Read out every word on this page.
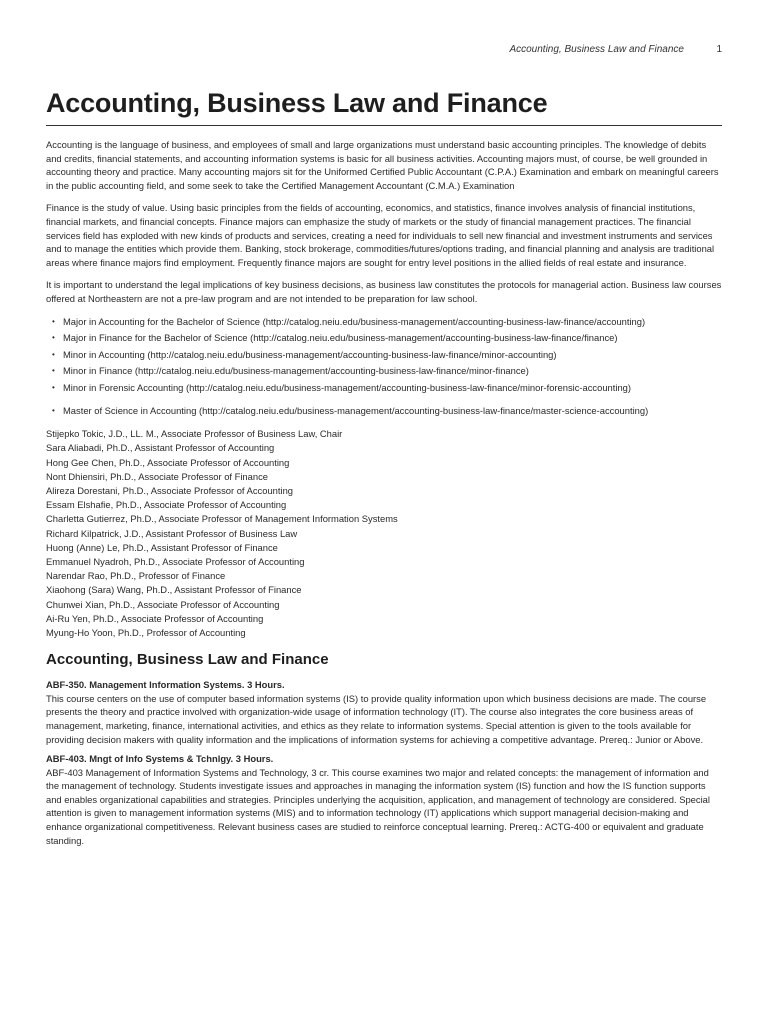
Accounting, Business Law and Finance	1
Accounting, Business Law and Finance

Accounting is the language of business, and employees of small and large organizations must understand basic accounting principles. The knowledge of debits and credits, financial statements, and accounting information systems is basic for all business activities. Accounting majors must, of course, be well grounded in accounting theory and practice. Many accounting majors sit for the Uniformed Certified Public Accountant (C.P.A.) Examination and embark on meaningful careers in the public accounting field, and some seek to take the Certified Management Accountant (C.M.A.) Examination

Finance is the study of value. Using basic principles from the fields of accounting, economics, and statistics, finance involves analysis of financial institutions, financial markets, and financial concepts. Finance majors can emphasize the study of markets or the study of financial management practices. The financial services field has exploded with new kinds of products and services, creating a need for individuals to sell new financial and investment instruments and services and to manage the entities which provide them. Banking, stock brokerage, commodities/futures/options trading, and financial planning and analysis are traditional areas where finance majors find employment. Frequently finance majors are sought for entry level positions in the allied fields of real estate and insurance.

It is important to understand the legal implications of key business decisions, as business law constitutes the protocols for managerial action. Business law courses offered at Northeastern are not a pre-law program and are not intended to be preparation for law school.

• Major in Accounting for the Bachelor of Science (http://catalog.neiu.edu/business-management/accounting-business-law-finance/accounting)
• Major in Finance for the Bachelor of Science (http://catalog.neiu.edu/business-management/accounting-business-law-finance/finance)
• Minor in Accounting (http://catalog.neiu.edu/business-management/accounting-business-law-finance/minor-accounting)
• Minor in Finance (http://catalog.neiu.edu/business-management/accounting-business-law-finance/minor-finance)
• Minor in Forensic Accounting (http://catalog.neiu.edu/business-management/accounting-business-law-finance/minor-forensic-accounting)
• Master of Science in Accounting (http://catalog.neiu.edu/business-management/accounting-business-law-finance/master-science-accounting)
Stijepko Tokic, J.D., LL. M., Associate Professor of Business Law, Chair
Sara Aliabadi, Ph.D., Assistant Professor of Accounting
Hong Gee Chen, Ph.D., Associate Professor of Accounting
Nont Dhiensiri, Ph.D., Associate Professor of Finance
Alireza Dorestani, Ph.D., Associate Professor of Accounting
Essam Elshafie, Ph.D., Associate Professor of Accounting
Charletta Gutierrez, Ph.D., Associate Professor of Management Information Systems
Richard Kilpatrick, J.D., Assistant Professor of Business Law
Huong (Anne) Le, Ph.D., Assistant Professor of Finance
Emmanuel Nyadroh, Ph.D., Associate Professor of Accounting
Narendar Rao, Ph.D., Professor of Finance
Xiaohong (Sara) Wang, Ph.D., Assistant Professor of Finance
Chunwei Xian, Ph.D., Associate Professor of Accounting
Ai-Ru Yen, Ph.D., Associate Professor of Accounting
Myung-Ho Yoon, Ph.D., Professor of Accounting
Accounting, Business Law and Finance
ABF-350. Management Information Systems. 3 Hours.
This course centers on the use of computer based information systems (IS) to provide quality information upon which business decisions are made. The course presents the theory and practice involved with organization-wide usage of information technology (IT). The course also integrates the core business areas of management, marketing, finance, international activities, and ethics as they relate to information systems. Special attention is given to the tools available for providing decision makers with quality information and the implications of information systems for achieving a competitive advantage. Prereq.: Junior or Above.
ABF-403. Mngt of Info Systems & Tchnlgy. 3 Hours.
ABF-403 Management of Information Systems and Technology, 3 cr. This course examines two major and related concepts: the management of information and the management of technology. Students investigate issues and approaches in managing the information system (IS) function and how the IS function supports and enables organizational capabilities and strategies. Principles underlying the acquisition, application, and management of technology are considered. Special attention is given to management information systems (MIS) and to information technology (IT) applications which support managerial decision-making and enhance organizational competitiveness. Relevant business cases are studied to reinforce conceptual learning. Prereq.: ACTG-400 or equivalent and graduate standing.
